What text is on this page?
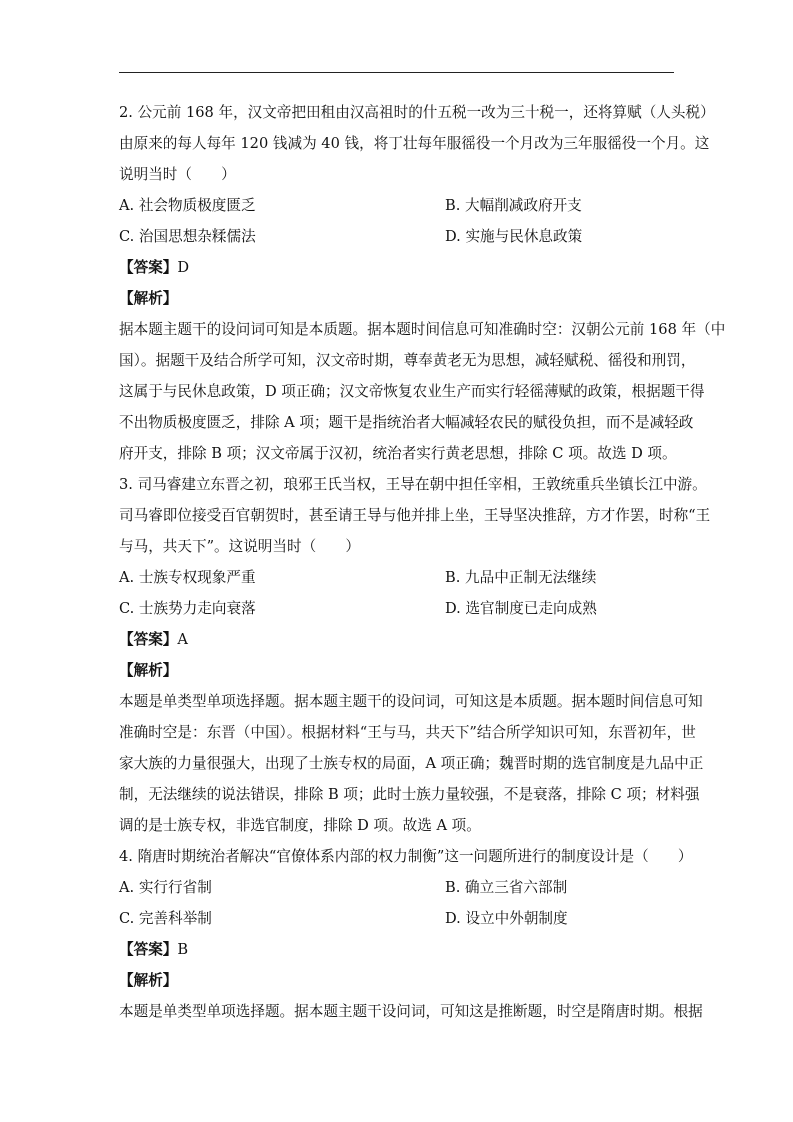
2. 公元前 168 年，汉文帝把田租由汉高祖时的什五税一改为三十税一，还将算赋（人头税）
由原来的每人每年 120 钱减为 40 钱，将丁壮每年服徭役一个月改为三年服徭役一个月。这
说明当时（　　）
A. 社会物质极度匮乏	B. 大幅削减政府开支
C. 治国思想杂糅儒法	D. 实施与民休息政策
【答案】D
【解析】
据本题主题干的设问词可知是本质题。据本题时间信息可知准确时空：汉朝公元前 168 年（中
国）。据题干及结合所学可知，汉文帝时期，尊奉黄老无为思想，减轻赋税、徭役和刑罚，
这属于与民休息政策，D 项正确；汉文帝恢复农业生产而实行轻徭薄赋的政策，根据题干得
不出物质极度匮乏，排除 A 项；题干是指统治者大幅减轻农民的赋役负担，而不是减轻政
府开支，排除 B 项；汉文帝属于汉初，统治者实行黄老思想，排除 C 项。故选 D 项。
3. 司马睿建立东晋之初，琅邪王氏当权，王导在朝中担任宰相，王敦统重兵坐镇长江中游。
司马睿即位接受百官朝贺时，甚至请王导与他并排上坐，王导坚决推辞，方才作罢，时称“王
与马，共天下”。这说明当时（　　）
A. 士族专权现象严重	B. 九品中正制无法继续
C. 士族势力走向衰落	D. 选官制度已走向成熟
【答案】A
【解析】
本题是单类型单项选择题。据本题主题干的设问词，可知这是本质题。据本题时间信息可知
准确时空是：东晋（中国）。根据材料“王与马，共天下”结合所学知识可知，东晋初年，世
家大族的力量很强大，出现了士族专权的局面，A 项正确；魏晋时期的选官制度是九品中正
制，无法继续的说法错误，排除 B 项；此时士族力量较强，不是衰落，排除 C 项；材料强
调的是士族专权，非选官制度，排除 D 项。故选 A 项。
4. 隋唐时期统治者解决“官僚体系内部的权力制衡”这一问题所进行的制度设计是（　　）
A. 实行行省制	B. 确立三省六部制
C. 完善科举制	D. 设立中外朝制度
【答案】B
【解析】
本题是单类型单项选择题。据本题主题干设问词，可知这是推断题，时空是隋唐时期。根据
